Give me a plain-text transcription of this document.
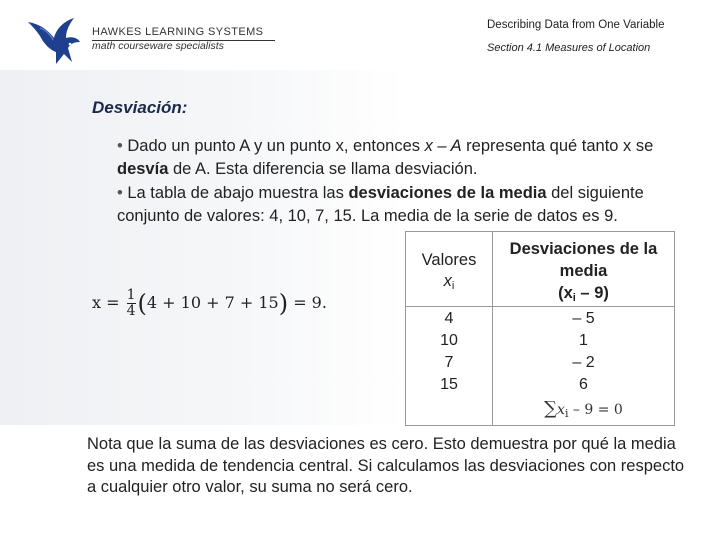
HAWKES LEARNING SYSTEMS
math courseware specialists
Describing Data from One Variable
Section 4.1 Measures of Location
Desviación:
• Dado un punto A y un punto x, entonces x – A representa qué tanto x se desvía de A. Esta diferencia se llama desviación.
• La tabla de abajo muestra las desviaciones de la media del siguiente conjunto de valores: 4, 10, 7, 15. La media de la serie de datos es 9.
$x = \frac{1}{4} (4 + 10 + 7 + 15) = 9$.
Valores
$x_i$
Desviaciones de la
media
$(x_i - 9)$
4
10
7
15
– 5
1
– 2
6
$\sum x_i - 9 = 0$
Nota que la suma de las desviaciones es cero. Esto demuestra por qué la media es una medida de tendencia central. Si calculamos las desviaciones con respecto a cualquier otro valor, su suma no será cero.
